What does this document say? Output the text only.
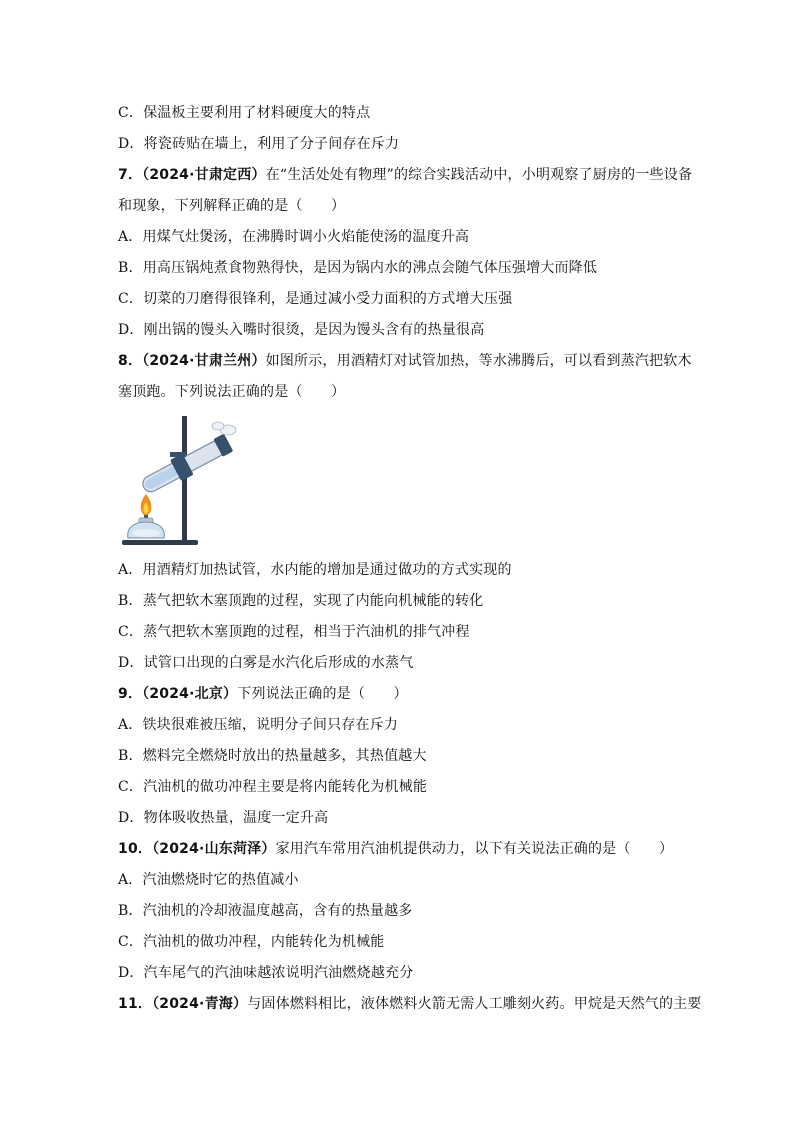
C．保温板主要利用了材料硬度大的特点
D．将瓷砖贴在墙上，利用了分子间存在斥力
7．（2024·甘肃定西）在“生活处处有物理”的综合实践活动中，小明观察了厨房的一些设备
和现象，下列解释正确的是（　　）
A．用煤气灶煲汤，在沸腾时调小火焰能使汤的温度升高
B．用高压锅炖煮食物熟得快，是因为锅内水的沸点会随气体压强增大而降低
C．切菜的刀磨得很锋利，是通过减小受力面积的方式增大压强
D．刚出锅的馒头入嘴时很烫，是因为馒头含有的热量很高
8．（2024·甘肃兰州）如图所示，用酒精灯对试管加热，等水沸腾后，可以看到蒸汽把软木
塞顶跑。下列说法正确的是（　　）
A．用酒精灯加热试管，水内能的增加是通过做功的方式实现的
B．蒸气把软木塞顶跑的过程，实现了内能向机械能的转化
C．蒸气把软木塞顶跑的过程，相当于汽油机的排气冲程
D．试管口出现的白雾是水汽化后形成的水蒸气
9．（2024·北京）下列说法正确的是（　　）
A．铁块很难被压缩，说明分子间只存在斥力
B．燃料完全燃烧时放出的热量越多，其热值越大
C．汽油机的做功冲程主要是将内能转化为机械能
D．物体吸收热量，温度一定升高
10．（2024·山东菏泽）家用汽车常用汽油机提供动力，以下有关说法正确的是（　　）
A．汽油燃烧时它的热值减小
B．汽油机的冷却液温度越高，含有的热量越多
C．汽油机的做功冲程，内能转化为机械能
D．汽车尾气的汽油味越浓说明汽油燃烧越充分
11．（2024·青海）与固体燃料相比，液体燃料火箭无需人工雕刻火药。甲烷是天然气的主要
